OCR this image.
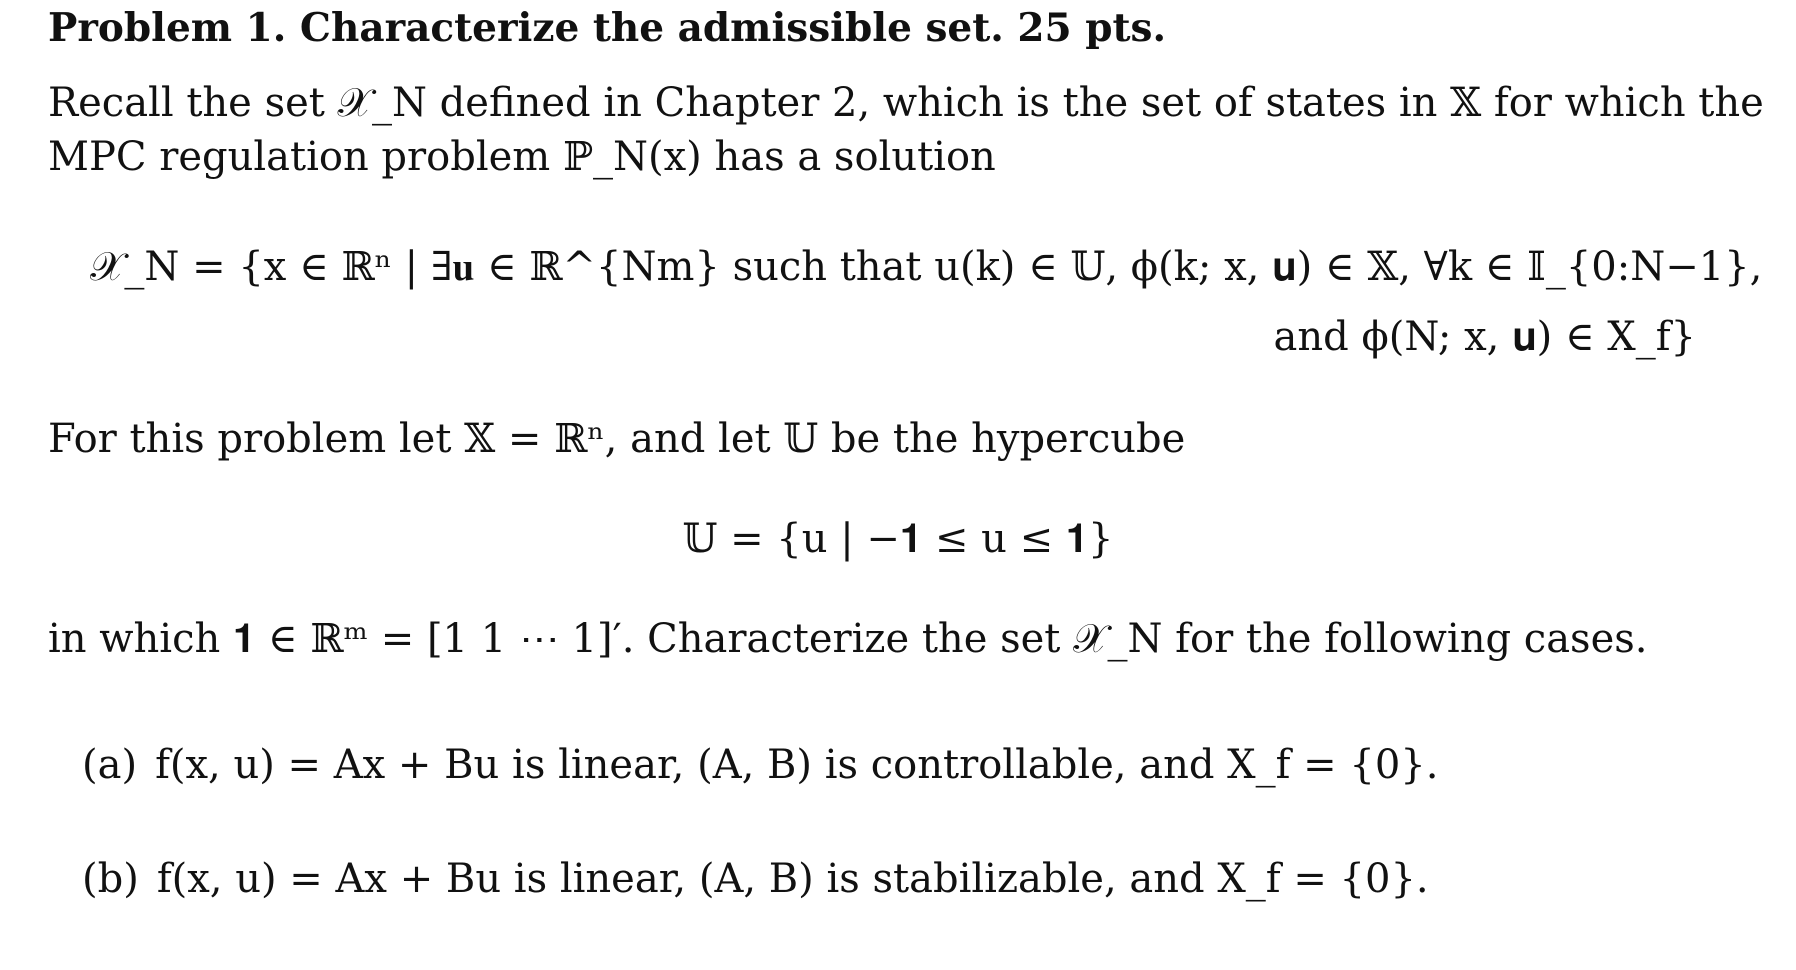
Problem 1. Characterize the admissible set. 25 pts.
Recall the set 𝒳_N defined in Chapter 2, which is the set of states in 𝕏 for which the
MPC regulation problem ℙ_N(x) has a solution
𝒳_N = {x ∈ ℝⁿ | ∃𝐮 ∈ ℝ^{Nm} such that u(k) ∈ 𝕌, ϕ(k; x, 𝐮) ∈ 𝕏, ∀k ∈ 𝕀_{0:N−1},
and ϕ(N; x, 𝐮) ∈ X_f}
For this problem let 𝕏 = ℝⁿ, and let 𝕌 be the hypercube
𝕌 = {u | −𝟏 ≤ u ≤ 𝟏}
in which 𝟏 ∈ ℝᵐ = [1 1 ⋯ 1]′. Characterize the set 𝒳_N for the following cases.
(a) f(x, u) = Ax + Bu is linear, (A, B) is controllable, and X_f = {0}.
(b) f(x, u) = Ax + Bu is linear, (A, B) is stabilizable, and X_f = {0}.
